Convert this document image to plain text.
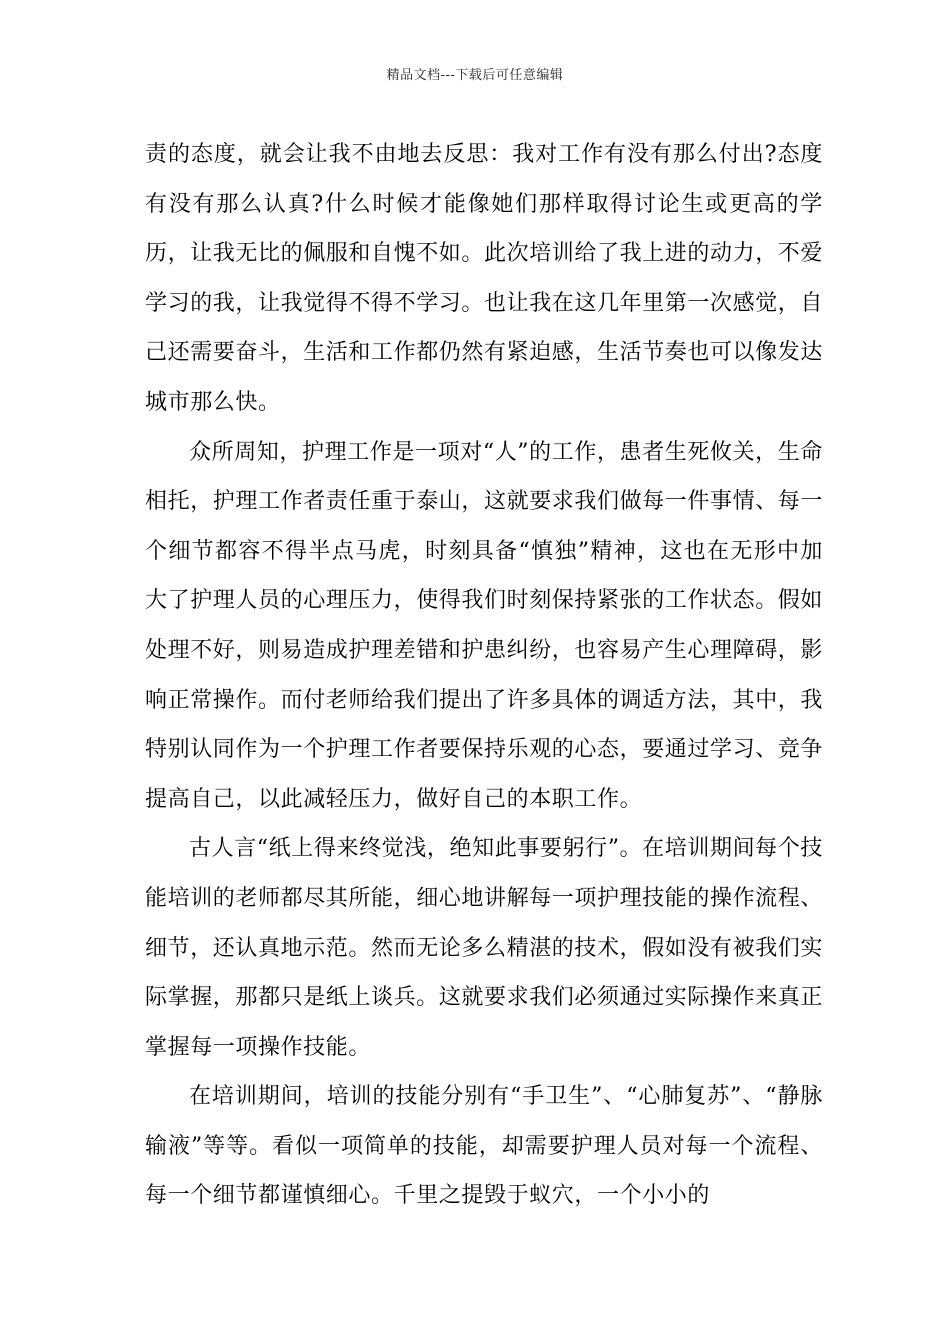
精品文档---下载后可任意编辑

责的态度，就会让我不由地去反思：我对工作有没有那么付出?态度有没有那么认真?什么时候才能像她们那样取得讨论生或更高的学历，让我无比的佩服和自愧不如。此次培训给了我上进的动力，不爱学习的我，让我觉得不得不学习。也让我在这几年里第一次感觉，自己还需要奋斗，生活和工作都仍然有紧迫感，生活节奏也可以像发达城市那么快。

众所周知，护理工作是一项对“人”的工作，患者生死攸关，生命相托，护理工作者责任重于泰山，这就要求我们做每一件事情、每一个细节都容不得半点马虎，时刻具备“慎独”精神，这也在无形中加大了护理人员的心理压力，使得我们时刻保持紧张的工作状态。假如处理不好，则易造成护理差错和护患纠纷，也容易产生心理障碍，影响正常操作。而付老师给我们提出了许多具体的调适方法，其中，我特别认同作为一个护理工作者要保持乐观的心态，要通过学习、竞争提高自己，以此减轻压力，做好自己的本职工作。

古人言“纸上得来终觉浅，绝知此事要躬行”。在培训期间每个技能培训的老师都尽其所能，细心地讲解每一项护理技能的操作流程、细节，还认真地示范。然而无论多么精湛的技术，假如没有被我们实际掌握，那都只是纸上谈兵。这就要求我们必须通过实际操作来真正掌握每一项操作技能。

在培训期间，培训的技能分别有“手卫生”、“心肺复苏”、“静脉输液”等等。看似一项简单的技能，却需要护理人员对每一个流程、每一个细节都谨慎细心。千里之提毁于蚁穴，一个小小的
